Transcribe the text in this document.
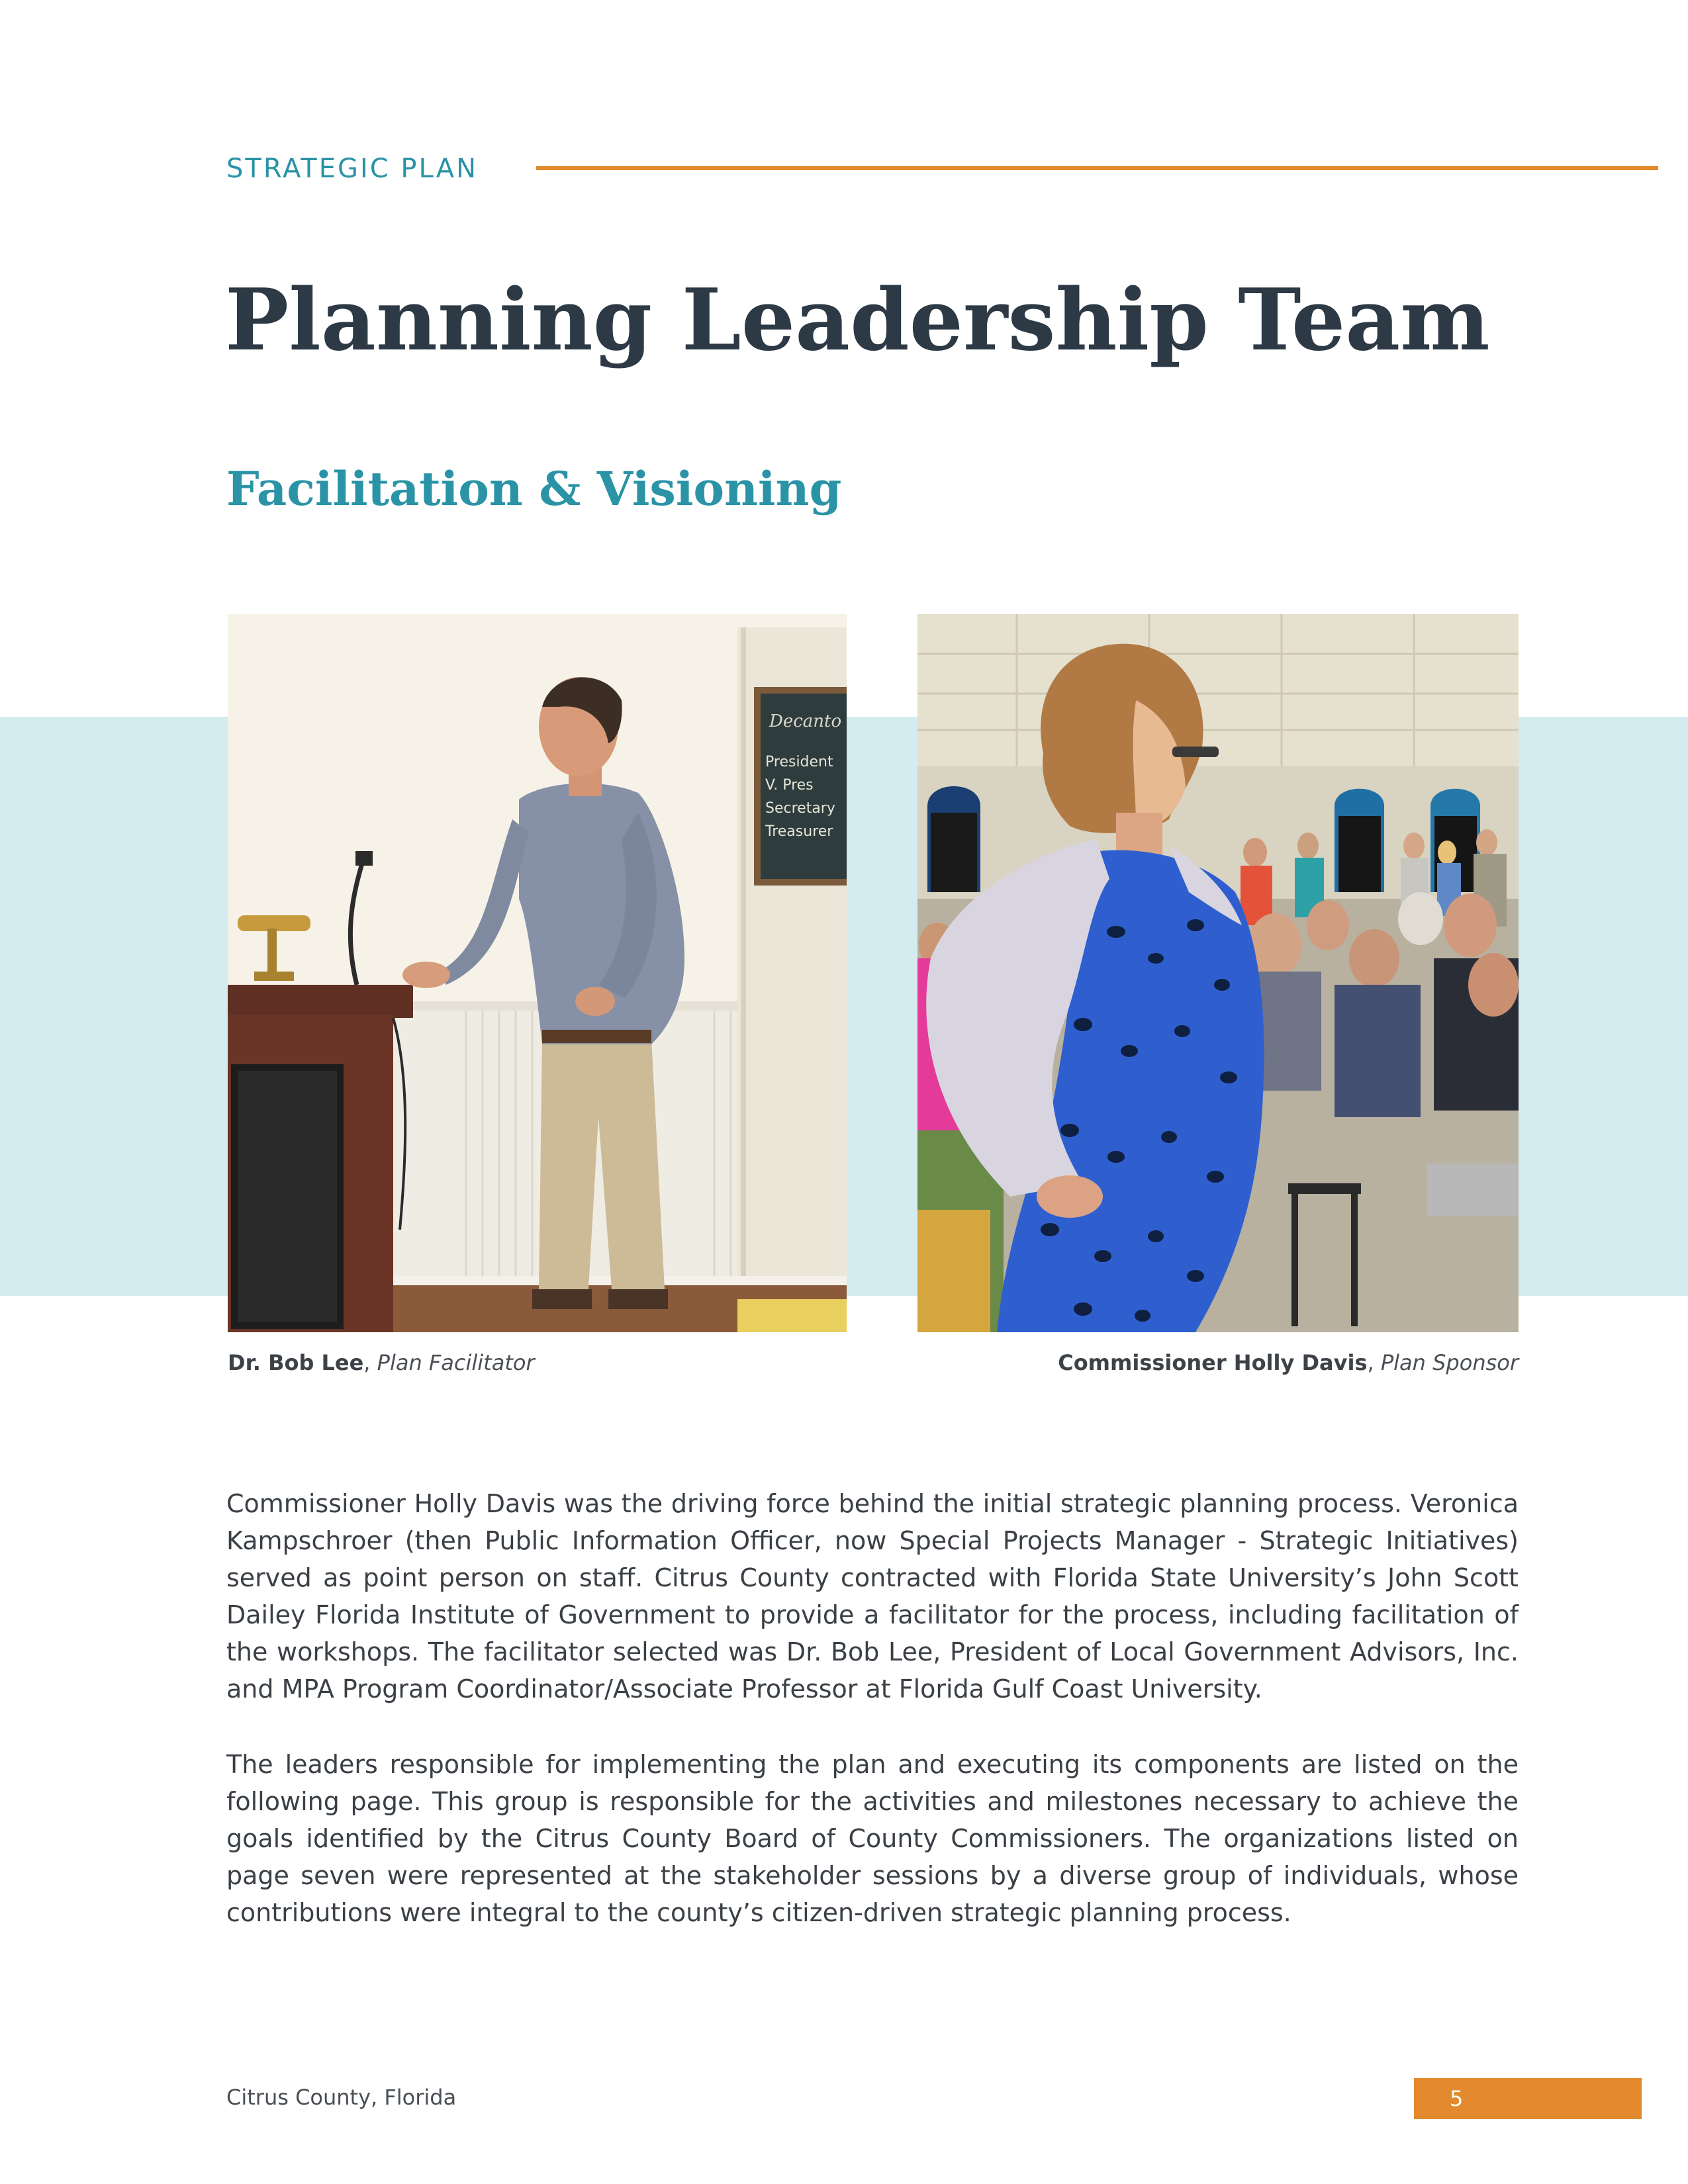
STRATEGIC PLAN
Planning Leadership Team
Facilitation & Visioning
Decanto
President
V. Pres
Secretary
Treasurer
Dr. Bob Lee, Plan Facilitator	Commissioner Holly Davis, Plan Sponsor

Commissioner Holly Davis was the driving force behind the initial strategic planning process. Veronica Kampschroer (then Public Information Officer, now Special Projects Manager - Strategic Initiatives) served as point person on staff. Citrus County contracted with Florida State University’s John Scott Dailey Florida Institute of Government to provide a facilitator for the process, including facilitation of the workshops. The facilitator selected was Dr. Bob Lee, President of Local Government Advisors, Inc. and MPA Program Coordinator/Associate Professor at Florida Gulf Coast University.

The leaders responsible for implementing the plan and executing its components are listed on the following page. This group is responsible for the activities and milestones necessary to achieve the goals identified by the Citrus County Board of County Commissioners. The organizations listed on page seven were represented at the stakeholder sessions by a diverse group of individuals, whose contributions were integral to the county’s citizen-driven strategic planning process.

Citrus County, Florida	5
